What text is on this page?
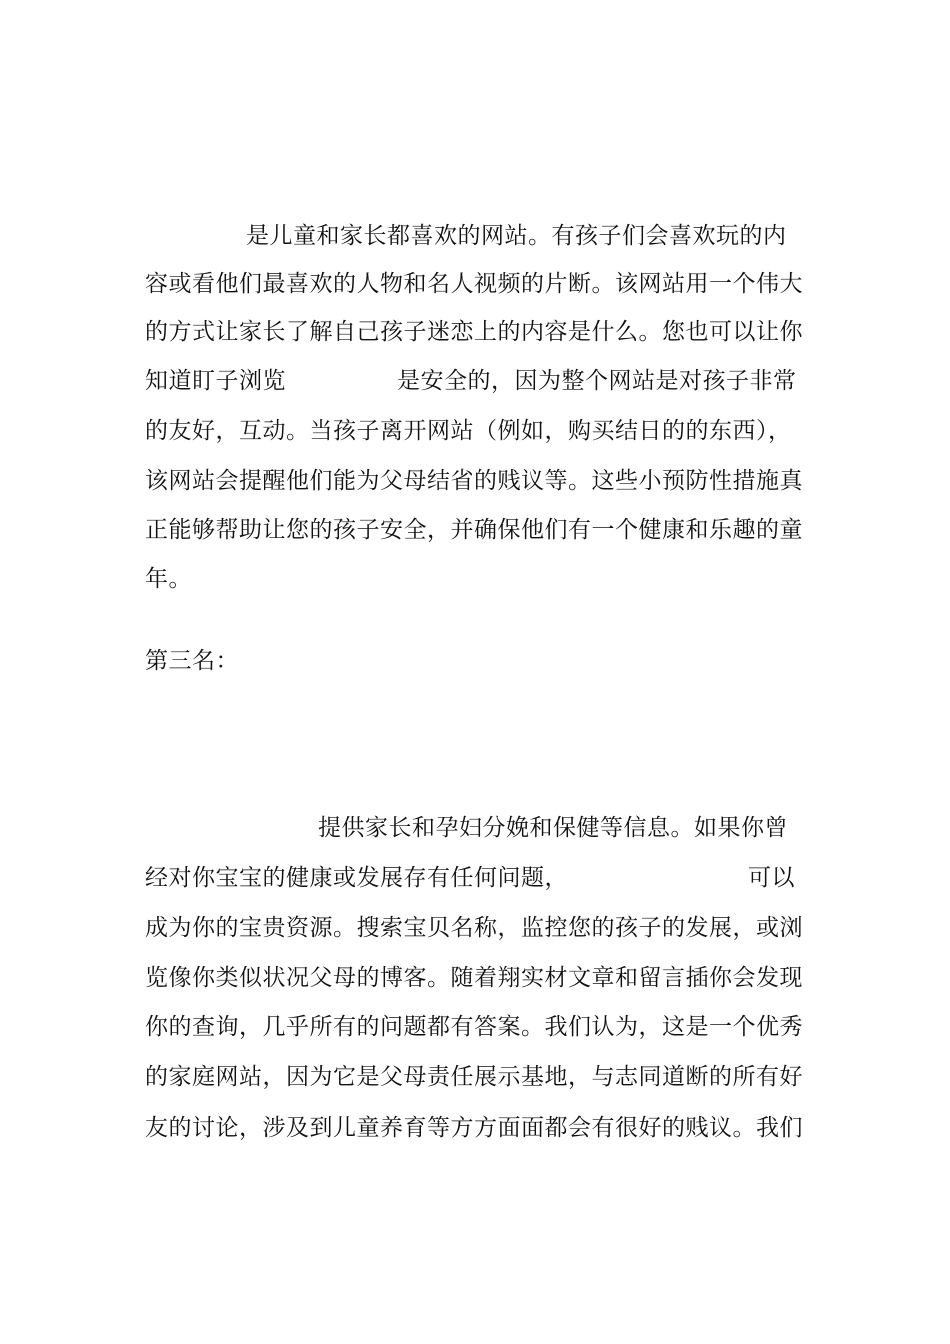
是儿童和家长都喜欢的网站。有孩子们会喜欢玩的内

容或看他们最喜欢的人物和名人视频的片断。该网站用一个伟大

的方式让家长了解自己孩子迷恋上的内容是什么。您也可以让你

知道盯子浏览

	是安全的，因为整个网站是对孩子非常

的友好，互动。当孩子离开网站（例如，购买结日的的东西），

该网站会提醒他们能为父母结省的贱议等。这些小预防性措施真

正能够帮助让您的孩子安全，并确保他们有一个健康和乐趣的童

年。

第三名：

提供家长和孕妇分娩和保健等信息。如果你曾

经对你宝宝的健康或发展存有任何问题，

	可以

成为你的宝贵资源。搜索宝贝名称，监控您的孩子的发展，或浏

览像你类似状况父母的博客。随着翔实材文章和留言插你会发现

你的查询，几乎所有的问题都有答案。我们认为，这是一个优秀

的家庭网站，因为它是父母责任展示基地，与志同道断的所有好

友的讨论，涉及到儿童养育等方方面面都会有很好的贱议。我们
